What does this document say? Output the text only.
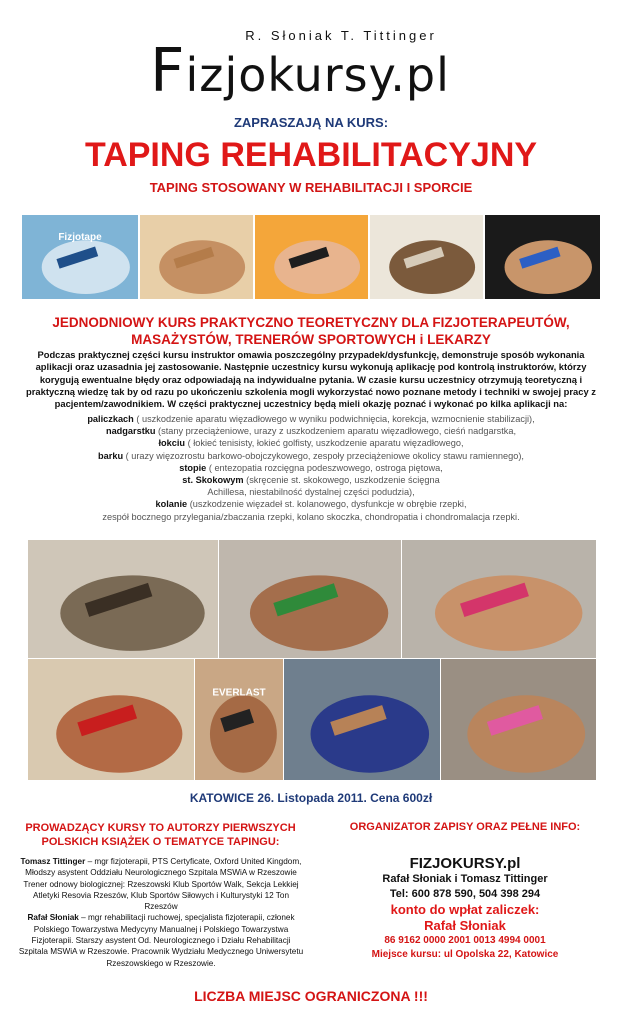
R. Słoniak T. Tittinger
Fizjokursy.pl
ZAPRASZAJĄ NA KURS:
TAPING REHABILITACYJNY
TAPING STOSOWANY W REHABILITACJI I SPORCIE
Fizjotape
JEDNODNIOWY KURS PRAKTYCZNO TEORETYCZNY DLA FIZJOTERAPEUTÓW,
MASAŻYSTÓW, TRENERÓW SPORTOWYCH i LEKARZY
Podczas praktycznej części kursu instruktor omawia poszczególny przypadek/dysfunkcję, demonstruje sposób wykonania aplikacji oraz uzasadnia jej zastosowanie. Następnie uczestnicy kursu wykonują aplikację pod kontrolą instruktorów, którzy korygują ewentualne błędy oraz odpowiadają na indywidualne pytania. W czasie kursu uczestnicy otrzymują teoretyczną i praktyczną wiedzę tak by od razu po ukończeniu szkolenia mogli wykorzystać nowo poznane metody i techniki w swojej pracy z pacjentem/zawodnikiem. W części praktycznej uczestnicy będą mieli okazję poznać i wykonać po kilka aplikacji na:
paliczkach ( uszkodzenie aparatu więzadłowego w wyniku podwichnięcia, korekcja, wzmocnienie stabilizacji),
nadgarstku (stany przeciążeniowe, urazy z uszkodzeniem aparatu więzadłowego, cieśń nadgarstka,
łokciu ( łokieć tenisisty, łokieć golfisty, uszkodzenie aparatu więzadłowego,
barku ( urazy więzozrostu barkowo-obojczykowego, zespoły przeciążeniowe okolicy stawu ramiennego),
stopie ( entezopatia rozcięgna podeszwowego, ostroga piętowa,
st. Skokowym (skręcenie st. skokowego, uszkodzenie ścięgna
Achillesa, niestabilność dystalnej części podudzia),
kolanie (uszkodzenie więzadeł st. kolanowego, dysfunkcje w obrębie rzepki,
zespół bocznego przylegania/zbaczania rzepki, kolano skoczka, chondropatia i chondromalacja rzepki.
EVERLAST
KATOWICE 26. Listopada 2011. Cena 600zł
PROWADZĄCY KURSY TO AUTORZY PIERWSZYCH
POLSKICH KSIĄŻEK O TEMATYCE TAPINGU:
Tomasz Tittinger – mgr fizjoterapii, PTS Certyficate, Oxford United Kingdom, Młodszy asystent Oddziału Neurologicznego Szpitala MSWiA w Rzeszowie Trener odnowy biologicznej: Rzeszowski Klub Sportów Walk, Sekcja Lekkiej Atletyki Resovia Rzeszów, Klub Sportów Siłowych i Kulturystyki 12 Ton Rzeszów
Rafał Słoniak – mgr rehabilitacji ruchowej, specjalista fizjoterapii, członek Polskiego Towarzystwa Medycyny Manualnej i Polskiego Towarzystwa Fizjoterapii. Starszy asystent Od. Neurologicznego i Działu Rehabilitacji Szpitala MSWiA w Rzeszowie. Pracownik Wydziału Medycznego Uniwersytetu Rzeszowskiego w Rzeszowie.
ORGANIZATOR ZAPISY ORAZ PEŁNE INFO:
FIZJOKURSY.pl
Rafał Słoniak i Tomasz Tittinger
Tel: 600 878 590, 504 398 294
konto do wpłat zaliczek:
Rafał Słoniak
86 9162 0000 2001 0013 4994 0001
Miejsce kursu: ul Opolska 22, Katowice
LICZBA MIEJSC OGRANICZONA !!!
